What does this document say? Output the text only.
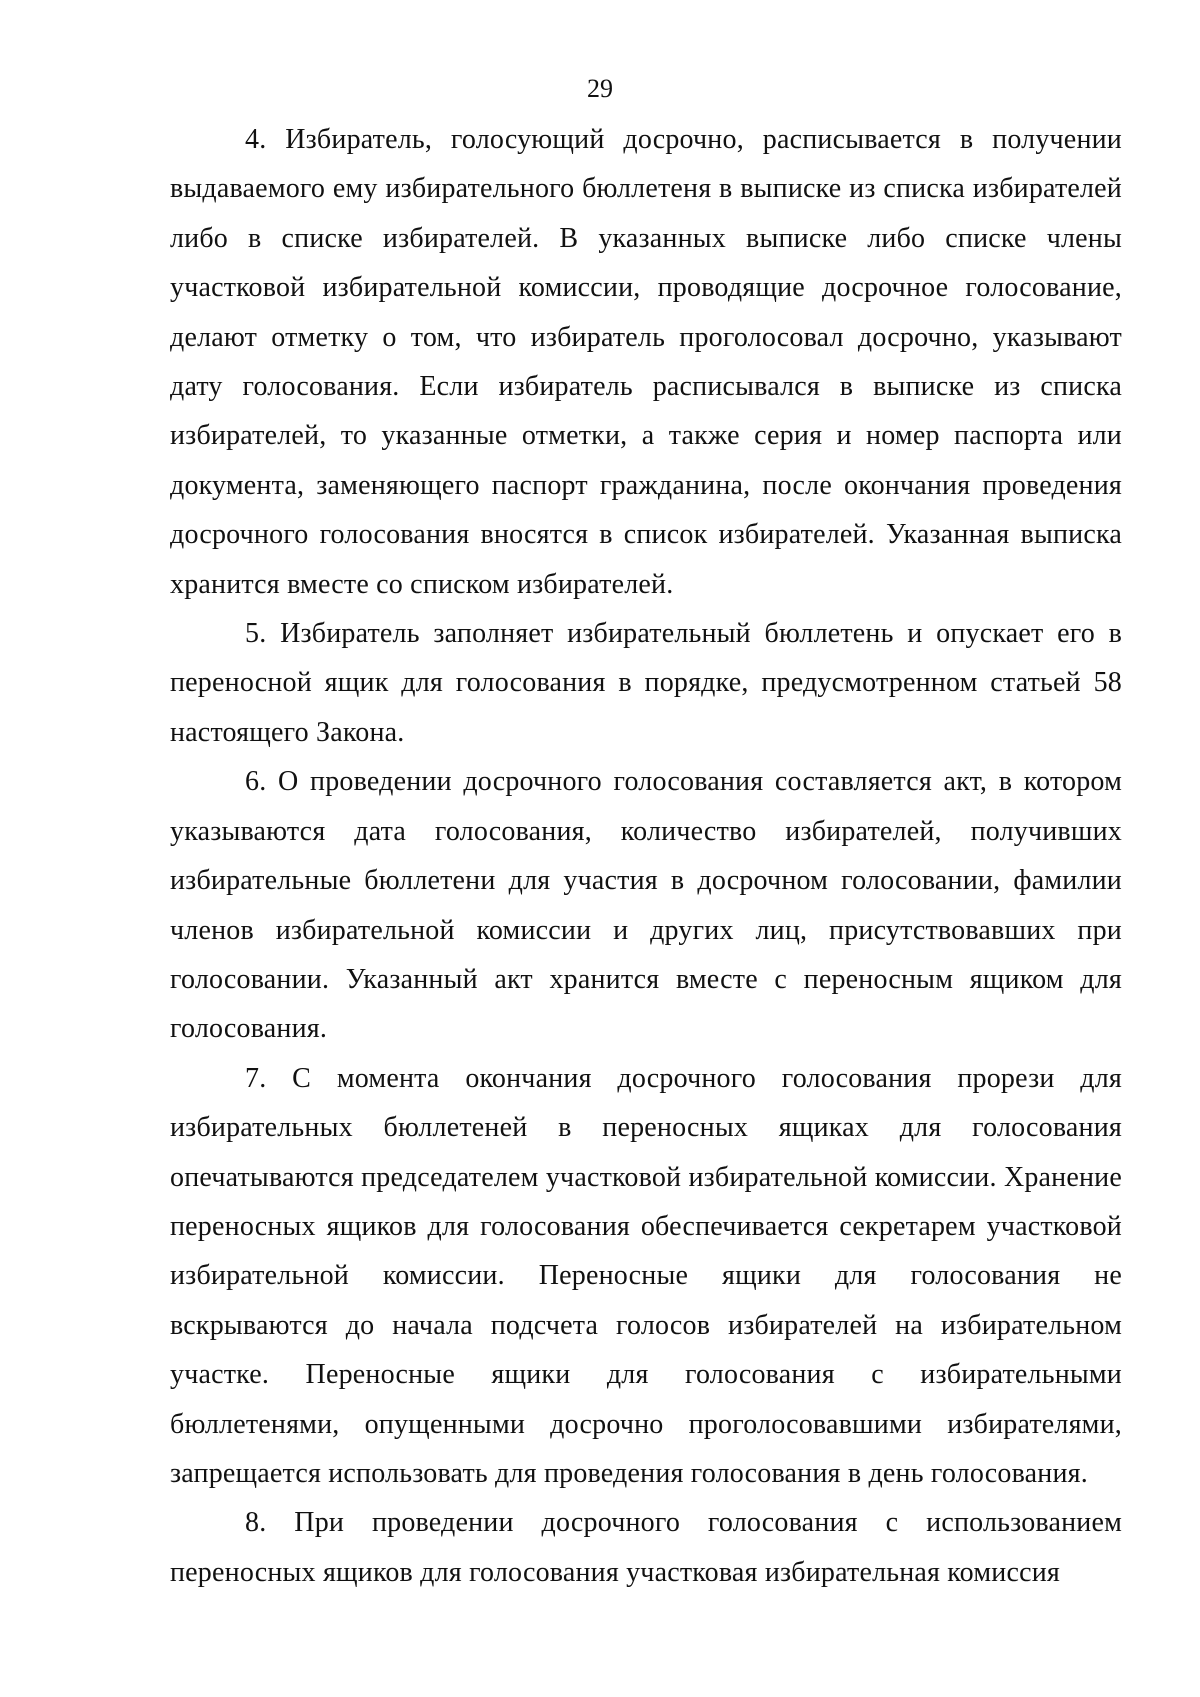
29

4. Избиратель, голосующий досрочно, расписывается в получении выдаваемого ему избирательного бюллетеня в выписке из списка избирателей либо в списке избирателей. В указанных выписке либо списке члены участковой избирательной комиссии, проводящие досрочное голосование, делают отметку о том, что избиратель проголосовал досрочно, указывают дату голосования. Если избиратель расписывался в выписке из списка избирателей, то указанные отметки, а также серия и номер паспорта или документа, заменяющего паспорт гражданина, после окончания проведения досрочного голосования вносятся в список избирателей. Указанная выписка хранится вместе со списком избирателей.

5. Избиратель заполняет избирательный бюллетень и опускает его в переносной ящик для голосования в порядке, предусмотренном статьей 58 настоящего Закона.

6. О проведении досрочного голосования составляется акт, в котором указываются дата голосования, количество избирателей, получивших избирательные бюллетени для участия в досрочном голосовании, фамилии членов избирательной комиссии и других лиц, присутствовавших при голосовании. Указанный акт хранится вместе с переносным ящиком для голосования.

7. С момента окончания досрочного голосования прорези для избирательных бюллетеней в переносных ящиках для голосования опечатываются председателем участковой избирательной комиссии. Хранение переносных ящиков для голосования обеспечивается секретарем участковой избирательной комиссии. Переносные ящики для голосования не вскрываются до начала подсчета голосов избирателей на избирательном участке. Переносные ящики для голосования с избирательными бюллетенями, опущенными досрочно проголосовавшими избирателями, запрещается использовать для проведения голосования в день голосования.

8. При проведении досрочного голосования с использованием переносных ящиков для голосования участковая избирательная комиссия
